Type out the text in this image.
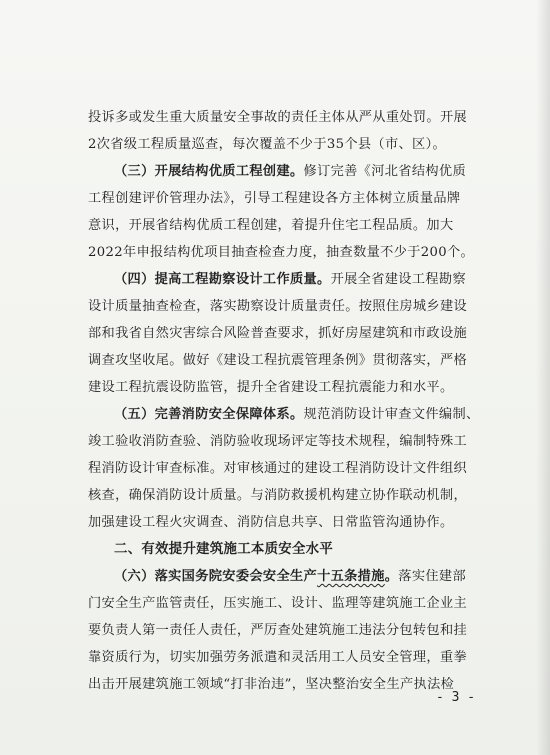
投诉多或发生重大质量安全事故的责任主体从严从重处罚。开展
2次省级工程质量巡查，每次覆盖不少于35个县（市、区）。
（三）开展结构优质工程创建。修订完善《河北省结构优质
工程创建评价管理办法》，引导工程建设各方主体树立质量品牌
意识，开展省结构优质工程创建，着提升住宅工程品质。加大
2022年申报结构优项目抽查检查力度，抽查数量不少于200个。
（四）提高工程勘察设计工作质量。开展全省建设工程勘察
设计质量抽查检查，落实勘察设计质量责任。按照住房城乡建设
部和我省自然灾害综合风险普查要求，抓好房屋建筑和市政设施
调查攻坚收尾。做好《建设工程抗震管理条例》贯彻落实，严格
建设工程抗震设防监管，提升全省建设工程抗震能力和水平。
（五）完善消防安全保障体系。规范消防设计审查文件编制、
竣工验收消防查验、消防验收现场评定等技术规程，编制特殊工
程消防设计审查标准。对审核通过的建设工程消防设计文件组织
核查，确保消防设计质量。与消防救援机构建立协作联动机制，
加强建设工程火灾调查、消防信息共享、日常监管沟通协作。
二、有效提升建筑施工本质安全水平
（六）落实国务院安委会安全生产十五条措施。落实住建部
门安全生产监管责任，压实施工、设计、监理等建筑施工企业主
要负责人第一责任人责任，严厉查处建筑施工违法分包转包和挂
靠资质行为，切实加强劳务派遣和灵活用工人员安全管理，重拳
出击开展建筑施工领域“打非治违”，坚决整治安全生产执法检
- 3 -
